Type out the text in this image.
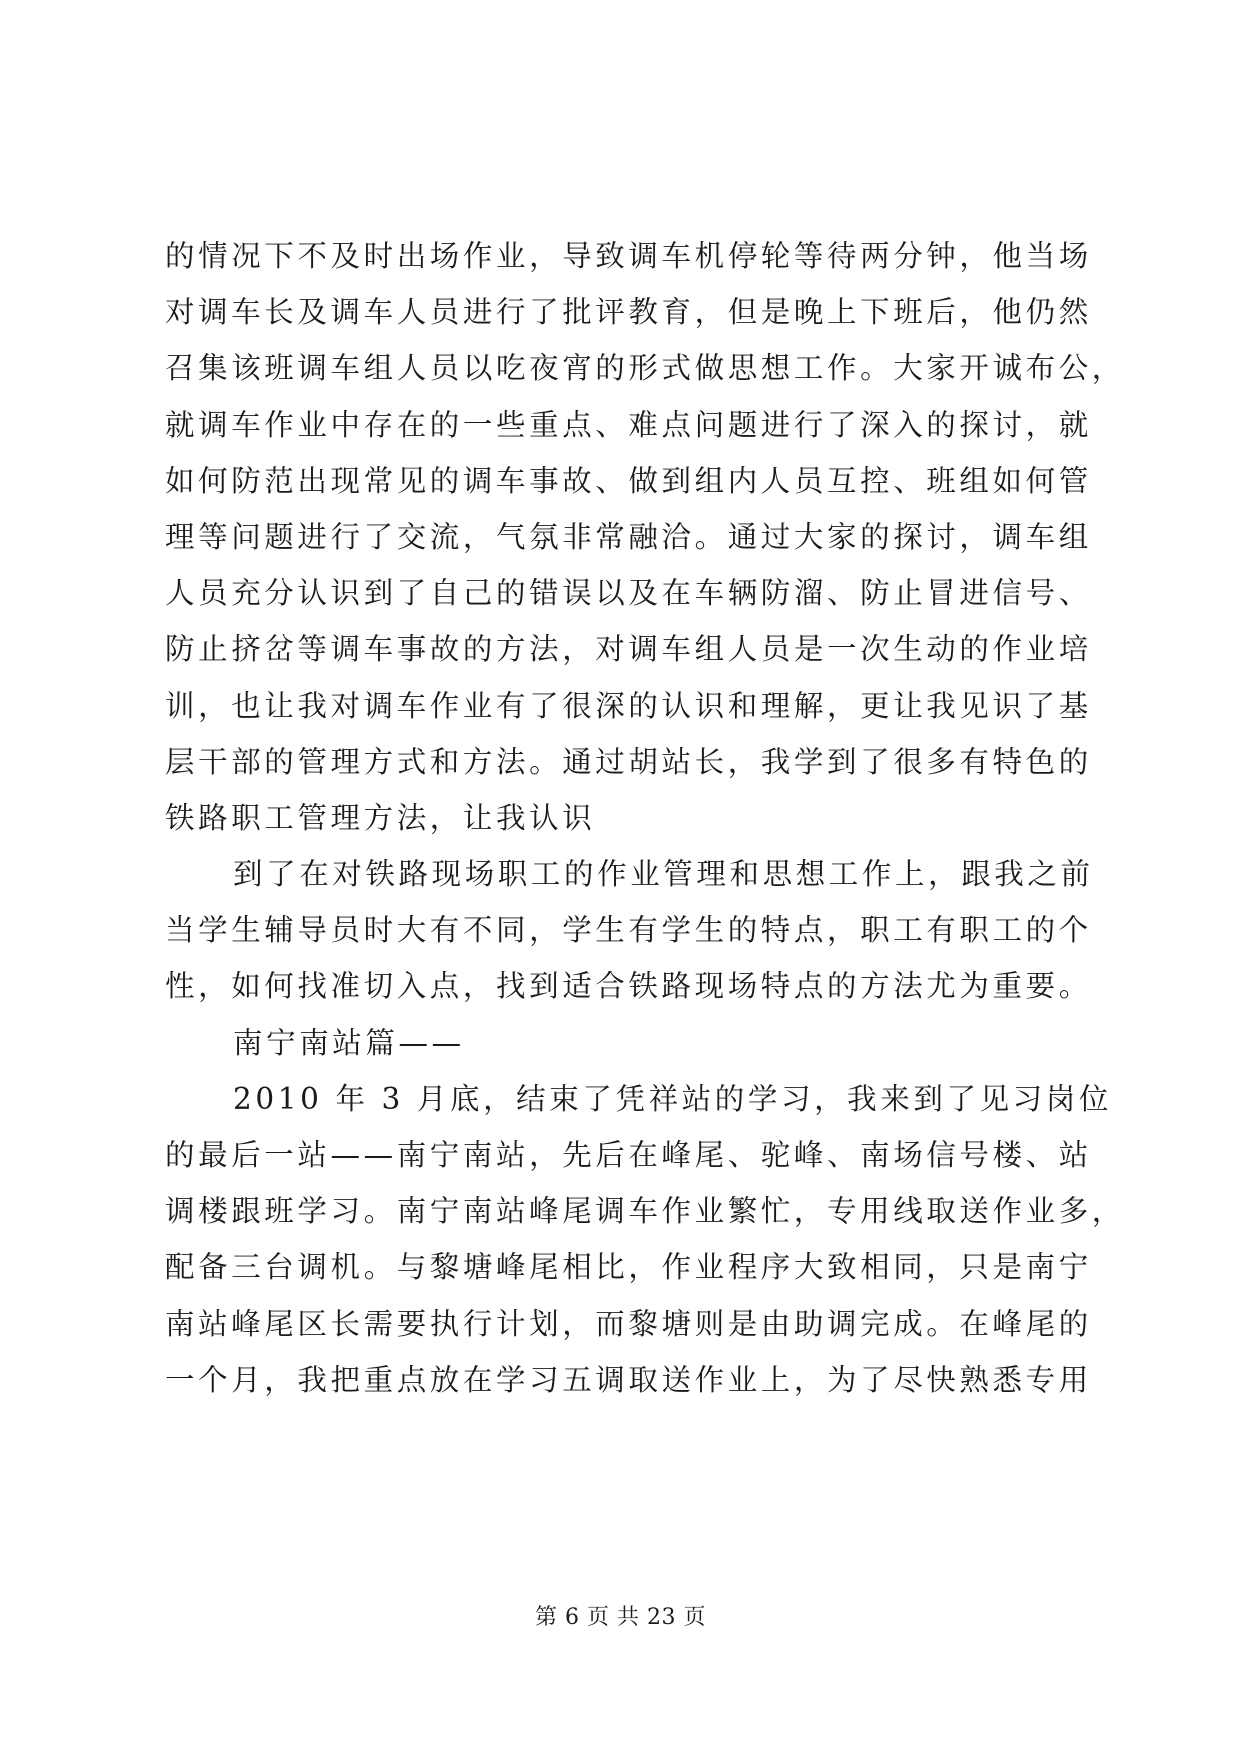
的情况下不及时出场作业，导致调车机停轮等待两分钟，他当场
对调车长及调车人员进行了批评教育，但是晚上下班后，他仍然
召集该班调车组人员以吃夜宵的形式做思想工作。大家开诚布公，
就调车作业中存在的一些重点、难点问题进行了深入的探讨，就
如何防范出现常见的调车事故、做到组内人员互控、班组如何管
理等问题进行了交流，气氛非常融洽。通过大家的探讨，调车组
人员充分认识到了自己的错误以及在车辆防溜、防止冒进信号、
防止挤岔等调车事故的方法，对调车组人员是一次生动的作业培
训，也让我对调车作业有了很深的认识和理解，更让我见识了基
层干部的管理方式和方法。通过胡站长，我学到了很多有特色的
铁路职工管理方法，让我认识
到了在对铁路现场职工的作业管理和思想工作上，跟我之前
当学生辅导员时大有不同，学生有学生的特点，职工有职工的个
性，如何找准切入点，找到适合铁路现场特点的方法尤为重要。
南宁南站篇——
2010 年 3 月底，结束了凭祥站的学习，我来到了见习岗位
的最后一站——南宁南站，先后在峰尾、驼峰、南场信号楼、站
调楼跟班学习。南宁南站峰尾调车作业繁忙，专用线取送作业多，
配备三台调机。与黎塘峰尾相比，作业程序大致相同，只是南宁
南站峰尾区长需要执行计划，而黎塘则是由助调完成。在峰尾的
一个月，我把重点放在学习五调取送作业上，为了尽快熟悉专用
第 6 页 共 23 页
